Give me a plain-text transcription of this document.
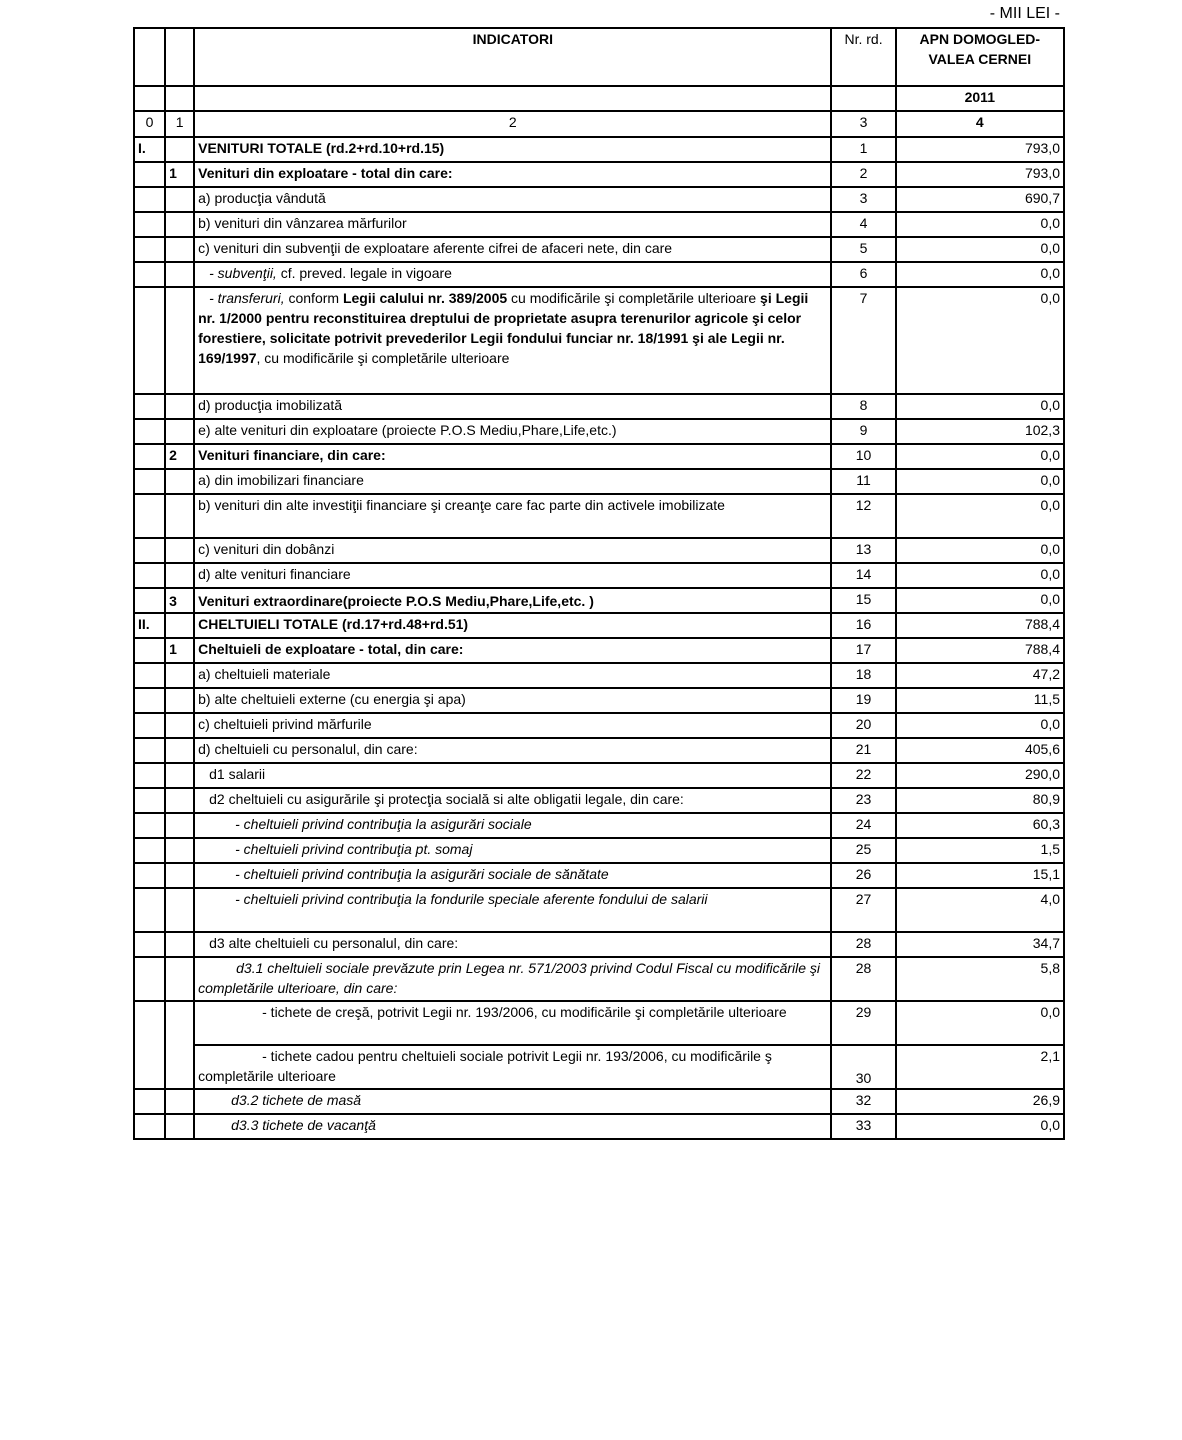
- MII LEI -
		INDICATORI	Nr. rd.	APN DOMOGLED-
VALEA CERNEI
				2011
0	1	2	3	4
I.		VENITURI TOTALE (rd.2+rd.10+rd.15)	1	793,0
	1	Venituri din exploatare - total din care:	2	793,0
		a) producţia vândută	3	690,7
		b) venituri din vânzarea mărfurilor	4	0,0
		c) venituri din subvenţii de exploatare aferente cifrei de afaceri nete, din care	5	0,0
		- subvenţii, cf. preved. legale in vigoare	6	0,0
		- transferuri, conform Legii calului nr. 389/2005 cu modificările şi completările ulterioare şi Legii nr. 1/2000 pentru reconstituirea dreptului de proprietate asupra terenurilor agricole şi celor forestiere, solicitate potrivit prevederilor Legii fondului funciar nr. 18/1991 şi ale Legii nr. 169/1997, cu modificările şi completările ulterioare	7	0,0
		d) producţia imobilizată	8	0,0
		e) alte venituri din exploatare (proiecte P.O.S Mediu,Phare,Life,etc.)	9	102,3
	2	Venituri financiare, din care:	10	0,0
		a) din imobilizari financiare	11	0,0
		b) venituri din alte investiţii financiare şi creanţe care fac parte din activele imobilizate	12	0,0
		c) venituri din dobânzi	13	0,0
		d) alte venituri financiare	14	0,0
	3	Venituri extraordinare(proiecte P.O.S Mediu,Phare,Life,etc. )	15	0,0
II.		CHELTUIELI TOTALE (rd.17+rd.48+rd.51)	16	788,4
	1	Cheltuieli de exploatare - total, din care:	17	788,4
		a) cheltuieli materiale	18	47,2
		b) alte cheltuieli externe (cu energia şi apa)	19	11,5
		c) cheltuieli privind mărfurile	20	0,0
		d) cheltuieli cu personalul, din care:	21	405,6
		d1 salarii	22	290,0
		d2 cheltuieli cu asigurările şi protecţia socială si alte obligatii legale, din care:	23	80,9
		- cheltuieli privind contribuţia la asigurări sociale	24	60,3
		- cheltuieli privind contribuţia pt. somaj	25	1,5
		- cheltuieli privind contribuţia la asigurări sociale de sănătate	26	15,1
		- cheltuieli privind contribuţia la fondurile speciale aferente fondului de salarii	27	4,0
		d3 alte cheltuieli cu personalul, din care:	28	34,7
		d3.1 cheltuieli sociale prevăzute prin Legea nr. 571/2003 privind Codul Fiscal cu modificările şi completările ulterioare, din care:	28	5,8
		- tichete de creşă, potrivit Legii nr. 193/2006, cu modificările şi completările ulterioare	29	0,0
		- tichete cadou pentru cheltuieli sociale potrivit Legii nr. 193/2006, cu modificările ş completările ulterioare	30	2,1
		d3.2 tichete de masă	32	26,9
		d3.3 tichete de vacanţă	33	0,0
